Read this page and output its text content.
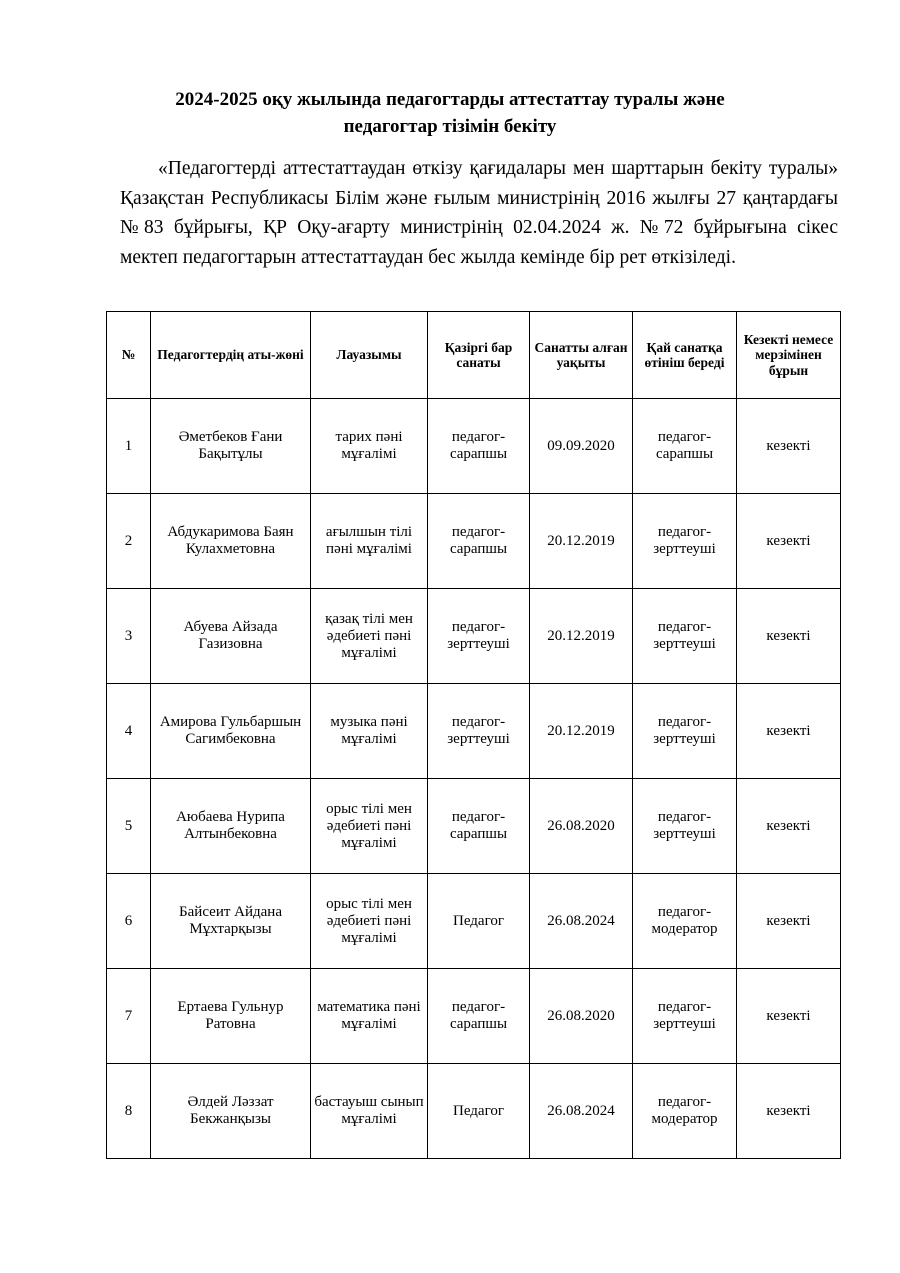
2024-2025 оқу жылында педагогтарды аттестаттау туралы және
педагогтар тізімін бекіту

«Педагогтерді аттестаттаудан өткізу қағидалары мен шарттарын бекіту туралы» Қазақстан Республикасы Білім және ғылым министрінің 2016 жылғы 27 қаңтардағы №83 бұйрығы, ҚР Оқу-ағарту министрінің 02.04.2024 ж. №72 бұйрығына сікес мектеп педагогтарын аттестаттаудан бес жылда кемінде бір рет өткізіледі.

№	Педагогтердің аты-жөні	Лауазымы	Қазіргі бар санаты	Санатты алған уақыты	Қай санатқа өтініш береді	Кезекті немесе мерзімінен бұрын
1	Әметбеков Ғани Бақытұлы	тарих пәні мұғалімі	педагог-сарапшы	09.09.2020	педагог-сарапшы	кезекті
2	Абдукаримова Баян Кулахметовна	ағылшын тілі пәні мұғалімі	педагог-сарапшы	20.12.2019	педагог-зерттеуші	кезекті
3	Абуева Айзада Газизовна	қазақ тілі мен әдебиеті пәні мұғалімі	педагог-зерттеуші	20.12.2019	педагог-зерттеуші	кезекті
4	Амирова Гульбаршын Сагимбековна	музыка пәні мұғалімі	педагог-зерттеуші	20.12.2019	педагог-зерттеуші	кезекті
5	Аюбаева Нурипа Алтынбековна	орыс тілі мен әдебиеті пәні мұғалімі	педагог-сарапшы	26.08.2020	педагог-зерттеуші	кезекті
6	Байсеит Айдана Мұхтарқызы	орыс тілі мен әдебиеті пәні мұғалімі	Педагог	26.08.2024	педагог-модератор	кезекті
7	Ертаева Гульнур Ратовна	математика пәні мұғалімі	педагог-сарапшы	26.08.2020	педагог-зерттеуші	кезекті
8	Әлдей Ләззат Бекжанқызы	бастауыш сынып мұғалімі	Педагог	26.08.2024	педагог-модератор	кезекті
